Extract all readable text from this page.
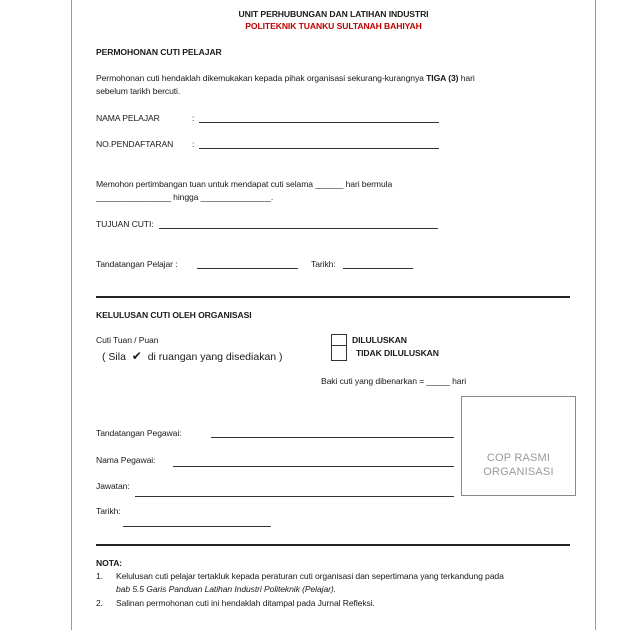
UNIT PERHUBUNGAN DAN LATIHAN INDUSTRI
POLITEKNIK TUANKU SULTANAH BAHIYAH
PERMOHONAN CUTI PELAJAR
Permohonan cuti hendaklah dikemukakan kepada pihak organisasi sekurang-kurangnya TIGA (3) hari
sebelum tarikh bercuti.
NAMA PELAJAR	:
NO.PENDAFTARAN :
Memohon pertimbangan tuan untuk mendapat cuti selama ______ hari bermula
________________ hingga _______________.
TUJUAN CUTI:
Tandatangan Pelajar :	Tarikh:
KELULUSAN CUTI OLEH ORGANISASI
Cuti Tuan / Puan
( Sila ✔ di ruangan yang disediakan )
DILULUSKAN
TIDAK DILULUSKAN
Baki cuti yang dibenarkan = _____ hari
Tandatangan Pegawai:
Nama Pegawai:
Jawatan:
Tarikh:
COP RASMI
ORGANISASI
NOTA:
1. Kelulusan cuti pelajar tertakluk kepada peraturan cuti organisasi dan sepertimana yang terkandung pada
bab 5.5 Garis Panduan Latihan Industri Politeknik (Pelajar).
2. Salinan permohonan cuti ini hendaklah ditampal pada Jurnal Refleksi.
